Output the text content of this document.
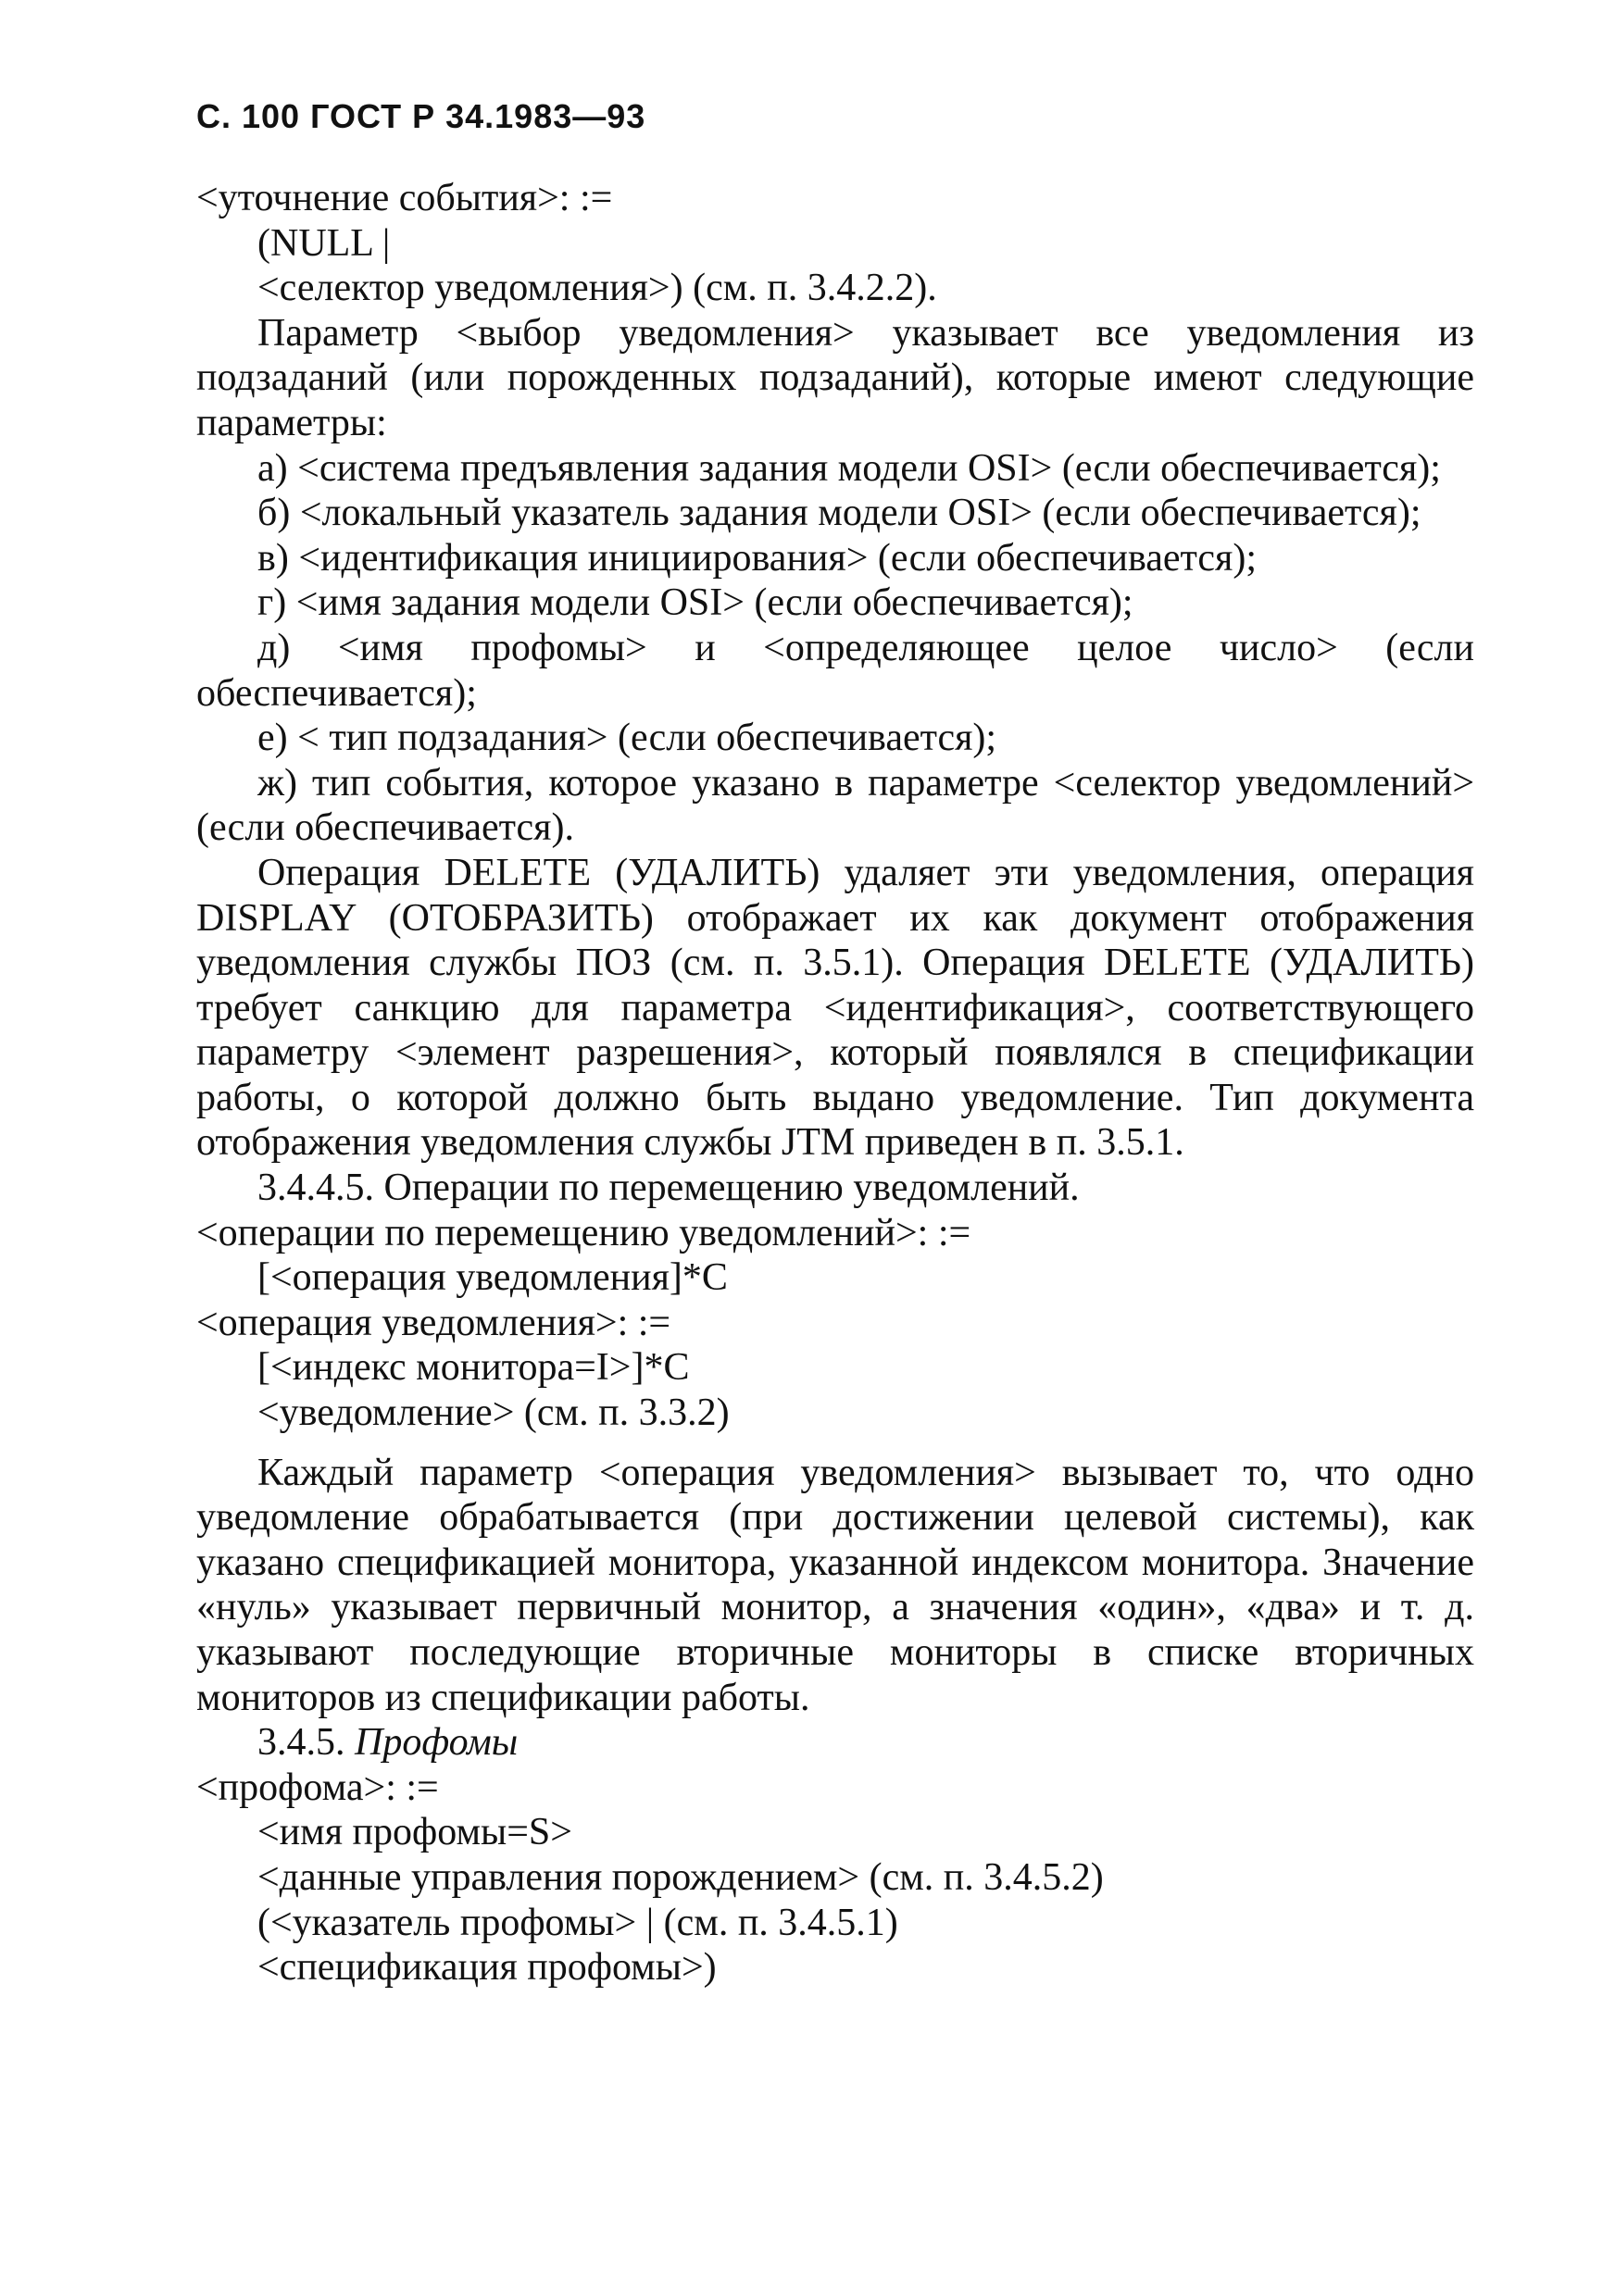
С. 100 ГОСТ Р 34.1983—93
<уточнение события>: :=
(NULL |
<селектор уведомления>) (см. п. 3.4.2.2).
Параметр <выбор уведомления> указывает все уведомления из подзаданий (или порожденных подзаданий), которые имеют следующие параметры:
а) <система предъявления задания модели OSI> (если обеспечивается);
б) <локальный указатель задания модели OSI> (если обеспечивается);
в) <идентификация инициирования> (если обеспечивается);
г) <имя задания модели OSI> (если обеспечивается);
д) <имя профомы> и <определяющее целое число> (если обеспечивается);
е) < тип подзадания> (если обеспечивается);
ж) тип события, которое указано в параметре <селектор уведомлений> (если обеспечивается).
Операция DELETE (УДАЛИТЬ) удаляет эти уведомления, операция DISPLAY (ОТОБРАЗИТЬ) отображает их как документ отображения уведомления службы ПОЗ (см. п. 3.5.1). Операция DELETE (УДАЛИТЬ) требует санкцию для параметра <идентификация>, соответствующего параметру <элемент разрешения>, который появлялся в спецификации работы, о которой должно быть выдано уведомление. Тип документа отображения уведомления службы JTM приведен в п. 3.5.1.
3.4.4.5. Операции по перемещению уведомлений.
<операции по перемещению уведомлений>: :=
[<операция уведомления]*C
<операция уведомления>: :=
[<индекс монитора=I>]*C
<уведомление> (см. п. 3.3.2)
Каждый параметр <операция уведомления> вызывает то, что одно уведомление обрабатывается (при достижении целевой системы), как указано спецификацией монитора, указанной индексом монитора. Значение «нуль» указывает первичный монитор, а значения «один», «два» и т. д. указывают последующие вторичные мониторы в списке вторичных мониторов из спецификации работы.
3.4.5. Профомы
<профома>: :=
<имя профомы=S>
<данные управления порождением> (см. п. 3.4.5.2)
(<указатель профомы> | (см. п. 3.4.5.1)
<спецификация профомы>)
